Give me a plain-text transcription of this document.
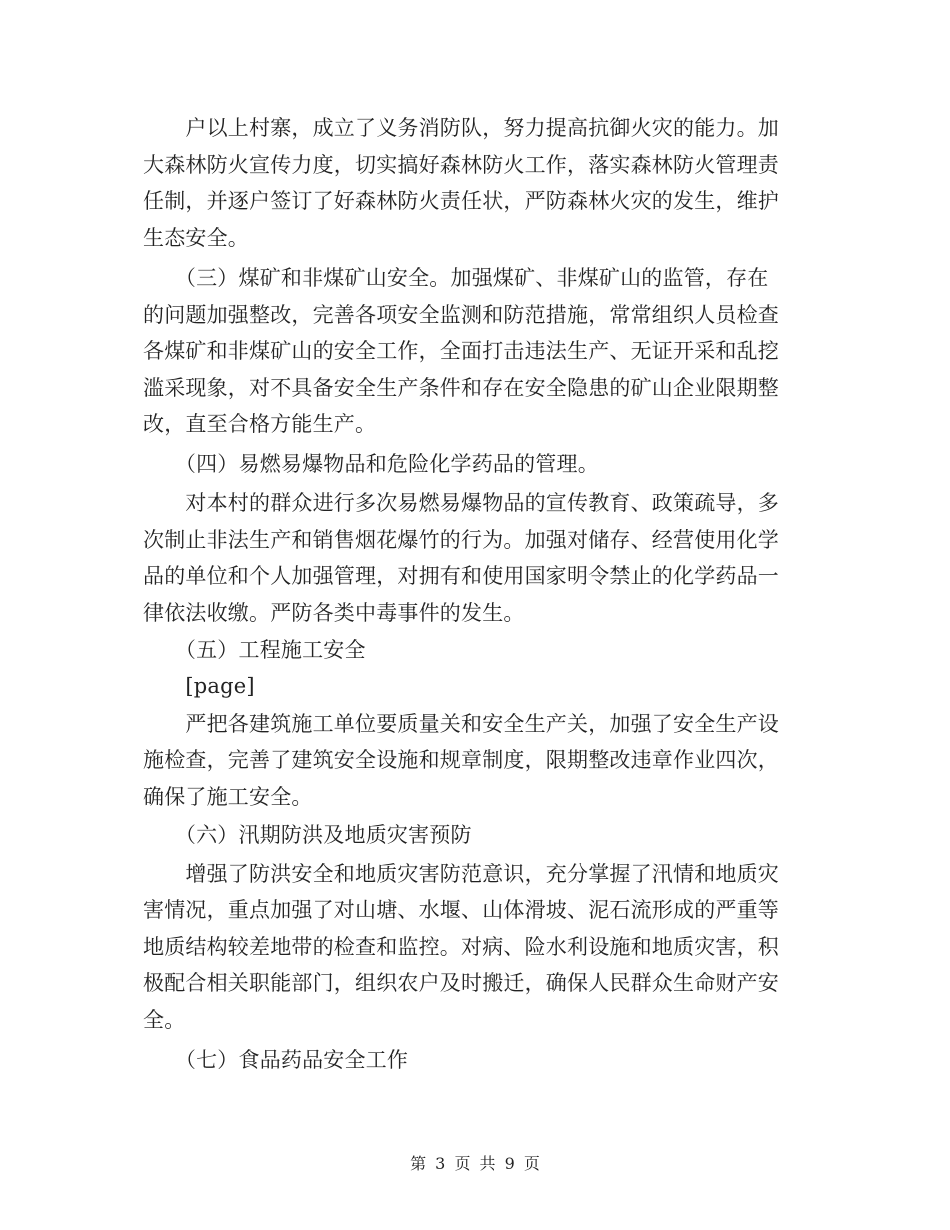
　　户以上村寨，成立了义务消防队，努力提高抗御火灾的能力。加
大森林防火宣传力度，切实搞好森林防火工作，落实森林防火管理责
任制，并逐户签订了好森林防火责任状，严防森林火灾的发生，维护
生态安全。
　　（三）煤矿和非煤矿山安全。加强煤矿、非煤矿山的监管，存在
的问题加强整改，完善各项安全监测和防范措施，常常组织人员检查
各煤矿和非煤矿山的安全工作，全面打击违法生产、无证开采和乱挖
滥采现象，对不具备安全生产条件和存在安全隐患的矿山企业限期整
改，直至合格方能生产。
　　（四）易燃易爆物品和危险化学药品的管理。
　　对本村的群众进行多次易燃易爆物品的宣传教育、政策疏导，多
次制止非法生产和销售烟花爆竹的行为。加强对储存、经营使用化学
品的单位和个人加强管理，对拥有和使用国家明令禁止的化学药品一
律依法收缴。严防各类中毒事件的发生。
　　（五）工程施工安全
　　[page]
　　严把各建筑施工单位要质量关和安全生产关，加强了安全生产设
施检查，完善了建筑安全设施和规章制度，限期整改违章作业四次，
确保了施工安全。
　　（六）汛期防洪及地质灾害预防
　　增强了防洪安全和地质灾害防范意识，充分掌握了汛情和地质灾
害情况，重点加强了对山塘、水堰、山体滑坡、泥石流形成的严重等
地质结构较差地带的检查和监控。对病、险水利设施和地质灾害，积
极配合相关职能部门，组织农户及时搬迁，确保人民群众生命财产安
全。
　　（七）食品药品安全工作
第 3 页 共 9 页
